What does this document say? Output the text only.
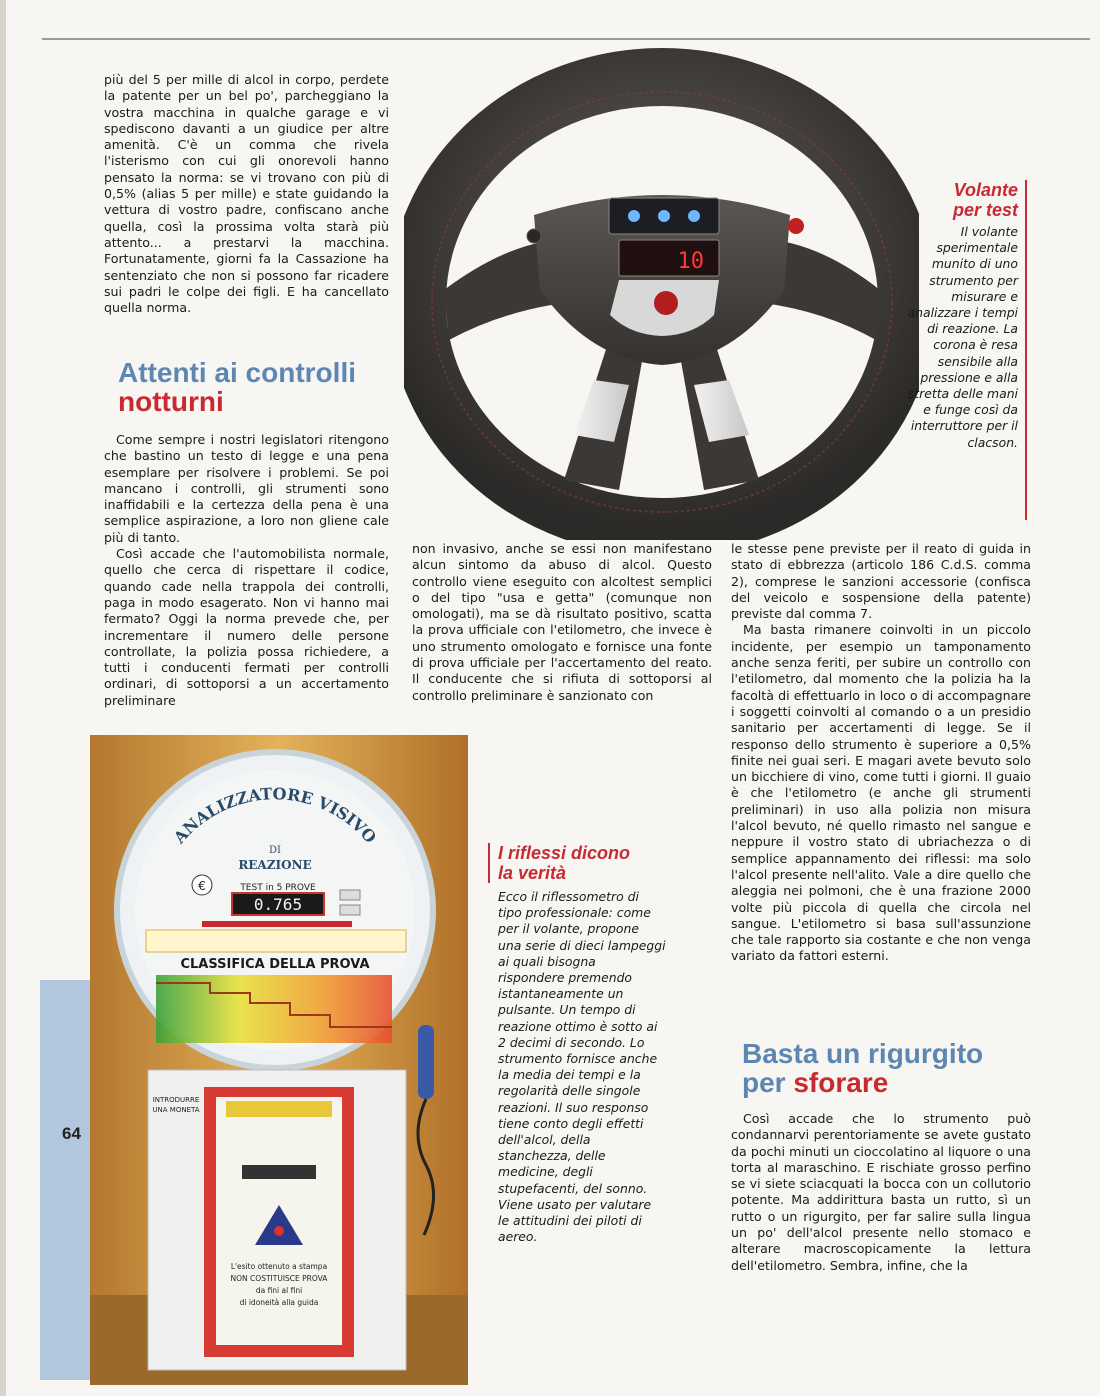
più del 5 per mille di alcol in corpo, perdete la patente per un bel po', parcheggiano la vostra macchina in qualche garage e vi spediscono davanti a un giudice per altre amenità. C'è un comma che rivela l'isterismo con cui gli onorevoli hanno pensato la norma: se vi trovano con più di 0,5% (alias 5 per mille) e state guidando la vettura di vostro padre, confiscano anche quella, così la prossima volta starà più attento... a prestarvi la macchina. Fortunatamente, giorni fa la Cassazione ha sentenziato che non si possono far ricadere sui padri le colpe dei figli. E ha cancellato quella norma.

Attenti ai controlli
notturni

Come sempre i nostri legislatori ritengono che bastino un testo di legge e una pena esemplare per risolvere i problemi. Se poi mancano i controlli, gli strumenti sono inaffidabili e la certezza della pena è una semplice aspirazione, a loro non gliene cale più di tanto.

Così accade che l'automobilista normale, quello che cerca di rispettare il codice, quando cade nella trappola dei controlli, paga in modo esagerato. Non vi hanno mai fermato? Oggi la norma prevede che, per incrementare il numero delle persone controllate, la polizia possa richiedere, a tutti i conducenti fermati per controlli ordinari, di sottoporsi a un accertamento preliminare

non invasivo, anche se essi non manifestano alcun sintomo da abuso di alcol. Questo controllo viene eseguito con alcoltest semplici o del tipo "usa e getta" (comunque non omologati), ma se dà risultato positivo, scatta la prova ufficiale con l'etilometro, che invece è uno strumento omologato e fornisce una fonte di prova ufficiale per l'accertamento del reato. Il conducente che si rifiuta di sottoporsi al controllo preliminare è sanzionato con

le stesse pene previste per il reato di guida in stato di ebbrezza (articolo 186 C.d.S. comma 2), comprese le sanzioni accessorie (confisca del veicolo e sospensione della patente) previste dal comma 7.

Ma basta rimanere coinvolti in un piccolo incidente, per esempio un tamponamento anche senza feriti, per subire un controllo con l'etilometro, dal momento che la polizia ha la facoltà di effettuarlo in loco o di accompagnare i soggetti coinvolti al comando o a un presidio sanitario per accertamenti di legge. Se il responso dello strumento è superiore a 0,5% finite nei guai seri. E magari avete bevuto solo un bicchiere di vino, come tutti i giorni. Il guaio è che l'etilometro (e anche gli strumenti preliminari) in uso alla polizia non misura l'alcol bevuto, né quello rimasto nel sangue e neppure il vostro stato di ubriachezza o di semplice appannamento dei riflessi: ma solo l'alcol presente nell'alito. Vale a dire quello che aleggia nei polmoni, che è una frazione 2000 volte più piccola di quella che circola nel sangue. L'etilometro si basa sull'assunzione che tale rapporto sia costante e che non venga variato da fattori esterni.

Basta un rigurgito
per sforare

Così accade che lo strumento può condannarvi perentoriamente se avete gustato da pochi minuti un cioccolatino al liquore o una torta al maraschino. E rischiate grosso perfino se vi siete sciacquati la bocca con un collutorio potente. Ma addirittura basta un rutto, sì un rutto o un rigurgito, per far salire sulla lingua un po' dell'alcol presente nello stomaco e alterare macroscopicamente la lettura dell'etilometro. Sembra, infine, che la

10
Volante
per test
Il volante sperimentale munito di uno strumento per misurare e analizzare i tempi di reazione. La corona è resa sensibile alla pressione e alla stretta delle mani e funge così da interruttore per il clacson.
ANALIZZATORE VISIVO
DI
REAZIONE
TEST in 5 PROVE
0.765
€
CLASSIFICA DELLA PROVA
L'esito ottenuto a stampa
NON COSTITUISCE PROVA
da fini al fini
di idoneità alla guida
INTRODURRE
UNA MONETA
64
I riflessi dicono
la verità
Ecco il riflessometro di tipo professionale: come per il volante, propone una serie di dieci lampeggi ai quali bisogna rispondere premendo istantaneamente un pulsante. Un tempo di reazione ottimo è sotto ai 2 decimi di secondo. Lo strumento fornisce anche la media dei tempi e la regolarità delle singole reazioni. Il suo responso tiene conto degli effetti dell'alcol, della stanchezza, delle medicine, degli stupefacenti, del sonno. Viene usato per valutare le attitudini dei piloti di aereo.
